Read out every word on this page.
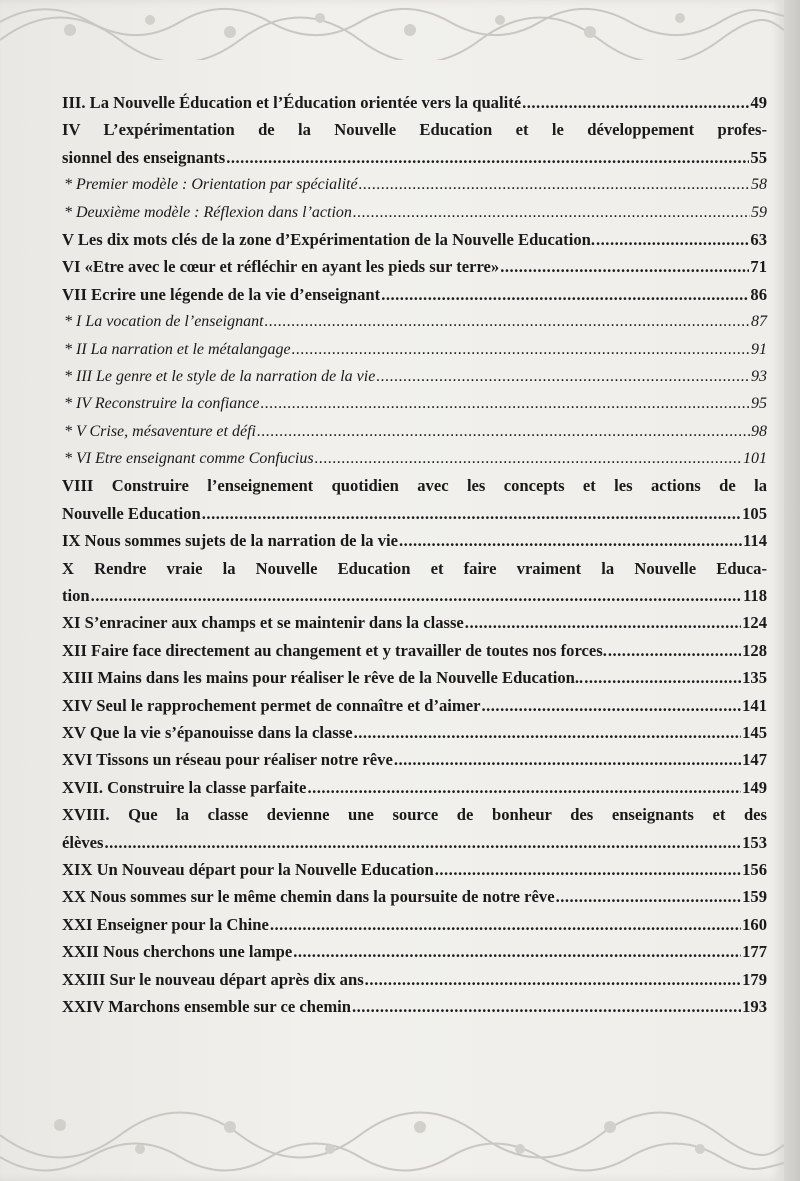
III. La Nouvelle Éducation et l’Éducation orientée vers la qualité .....	49
IV L’expérimentation de la Nouvelle Education et le développement profes-
sionnel des enseignants .....	55
* Premier modèle : Orientation par spécialité .....	58
* Deuxième modèle : Réflexion dans l’action .....	59
V Les dix mots clés de la zone d’Expérimentation de la Nouvelle Education. .....	63
VI «Etre avec le cœur et réfléchir en ayant les pieds sur terre» .....	71
VII Ecrire une légende de la vie d’enseignant .....	86
* I La vocation de l’enseignant .....	87
* II La narration et le métalangage .....	91
* III Le genre et le style de la narration de la vie .....	93
* IV Reconstruire la confiance .....	95
* V Crise, mésaventure et défi .....	98
* VI Etre enseignant comme Confucius .....	101
VIII Construire l’enseignement quotidien avec les concepts et les actions de la
Nouvelle Education .....	105
IX Nous sommes sujets de la narration de la vie .....	114
X Rendre vraie la Nouvelle Education et faire vraiment la Nouvelle Educa-
tion .....	118
XI S’enraciner aux champs et se maintenir dans la classe .....	124
XII Faire face directement au changement et y travailler de toutes nos forces. .....	128
XIII Mains dans les mains pour réaliser le rêve de la Nouvelle Education.. .....	135
XIV Seul le rapprochement permet de connaître et d’aimer .....	141
XV Que la vie s’épanouisse dans la classe .....	145
XVI Tissons un réseau pour réaliser notre rêve .....	147
XVII. Construire la classe parfaite .....	149
XVIII. Que la classe devienne une source de bonheur des enseignants et des
élèves .....	153
XIX Un Nouveau départ pour la Nouvelle Education .....	156
XX Nous sommes sur le même chemin dans la poursuite de notre rêve .....	159
XXI Enseigner pour la Chine .....	160
XXII Nous cherchons une lampe .....	177
XXIII Sur le nouveau départ après dix ans .....	179
XXIV Marchons ensemble sur ce chemin .....	193
